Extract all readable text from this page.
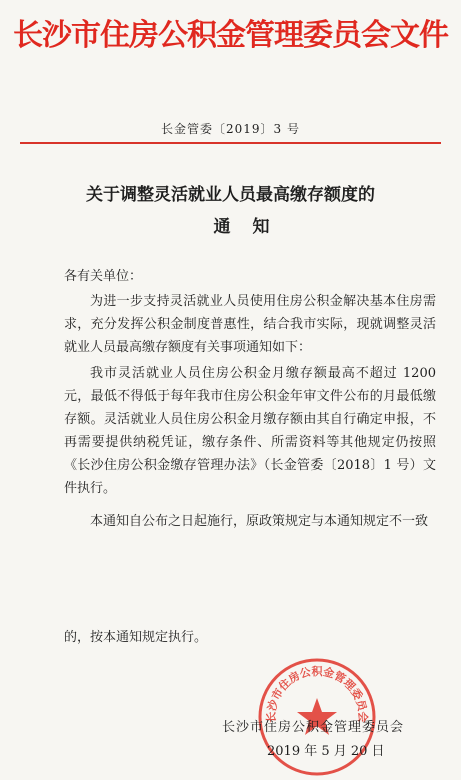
长沙市住房公积金管理委员会文件
长金管委〔2019〕3 号
关于调整灵活就业人员最高缴存额度的
通知
各有关单位：

为进一步支持灵活就业人员使用住房公积金解决基本住房需求，充分发挥公积金制度普惠性，结合我市实际，现就调整灵活就业人员最高缴存额度有关事项通知如下：

我市灵活就业人员住房公积金月缴存额最高不超过 1200 元，最低不得低于每年我市住房公积金年审文件公布的月最低缴存额。灵活就业人员住房公积金月缴存额由其自行确定申报，不再需要提供纳税凭证，缴存条件、所需资料等其他规定仍按照《长沙住房公积金缴存管理办法》（长金管委〔2018〕1 号）文件执行。

本通知自公布之日起施行，原政策规定与本通知规定不一致

的，按本通知规定执行。
长沙市住房公积金管理委员会
长沙市住房公积金管理委员会
2019 年 5 月 20 日
